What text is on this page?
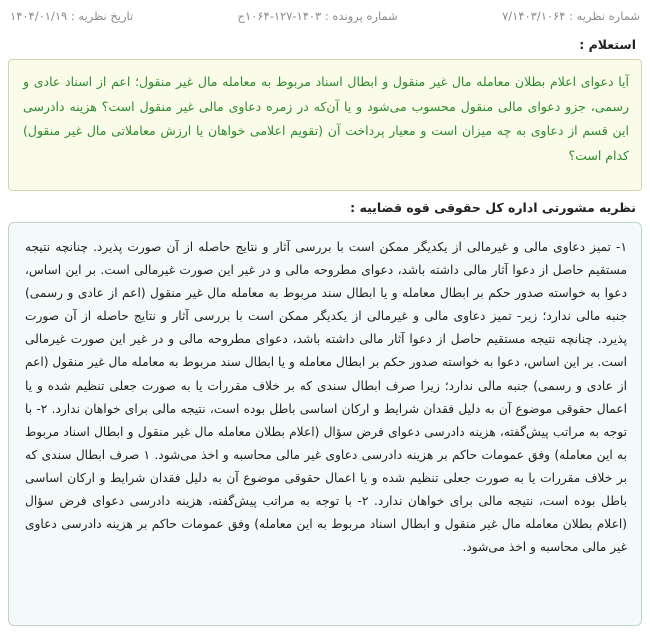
شماره نظریه : ۷/۱۴۰۳/۱۰۶۴
شماره پرونده : ۱۴۰۳-۱۲۷-۱۰۶۴ح
تاریخ نظریه : ۱۴۰۴/۰۱/۱۹
استعلام :
آیا دعوای اعلام بطلان معامله مال غیر منقول و ابطال اسناد مربوط به معامله مال غیر منقول؛ اعم از اسناد عادی و رسمی، جزو دعوای مالی منقول محسوب می‌شود و یا آن‌که در زمره دعاوی مالی غیر منقول است؟ هزینه دادرسی این قسم از دعاوی به چه میزان است و معیار پرداخت آن (تقویم اعلامی خواهان یا ارزش معاملاتی مال غیر منقول) کدام است؟
نظریه مشورتی اداره کل حقوقی قوه قضاییه :
۱- تمیز دعاوی مالی و غیرمالی از یکدیگر ممکن است با بررسی آثار و نتایج حاصله از آن صورت پذیرد. چنانچه نتیجه مستقیم حاصل از دعوا آثار مالی داشته باشد، دعوای مطروحه مالی و در غیر این صورت غیرمالی است. بر این اساس، دعوا به خواسته صدور حکم بر ابطال معامله و یا ابطال سند مربوط به معامله مال غیر منقول (اعم از عادی و رسمی) جنبه مالی ندارد؛ زیر- تمیز دعاوی مالی و غیرمالی از یکدیگر ممکن است با بررسی آثار و نتایج حاصله از آن صورت پذیرد. چنانچه نتیجه مستقیم حاصل از دعوا آثار مالی داشته باشد، دعوای مطروحه مالی و در غیر این صورت غیرمالی است. بر این اساس، دعوا به خواسته صدور حکم بر ابطال معامله و یا ابطال سند مربوط به معامله مال غیر منقول (اعم از عادی و رسمی) جنبه مالی ندارد؛ زیرا صرف ابطال سندی که بر خلاف مقررات یا به صورت جعلی تنظیم شده و یا اعمال حقوقی موضوع آن به دلیل فقدان شرایط و ارکان اساسی باطل بوده است، نتیجه مالی برای خواهان ندارد. ۲- با توجه به مراتب پیش‌گفته، هزینه دادرسی دعوای فرض سؤال (اعلام بطلان معامله مال غیر منقول و ابطال اسناد مربوط به این معامله) وفق عمومات حاکم بر هزینه دادرسی دعاوی غیر مالی محاسبه و اخذ می‌شود. ۱ صرف ابطال سندی که بر خلاف مقررات یا به صورت جعلی تنظیم شده و یا اعمال حقوقی موضوع آن به دلیل فقدان شرایط و ارکان اساسی باطل بوده است، نتیجه مالی برای خواهان ندارد. ۲- با توجه به مراتب پیش‌گفته، هزینه دادرسی دعوای فرض سؤال (اعلام بطلان معامله مال غیر منقول و ابطال اسناد مربوط به این معامله) وفق عمومات حاکم بر هزینه دادرسی دعاوی غیر مالی محاسبه و اخذ می‌شود.
